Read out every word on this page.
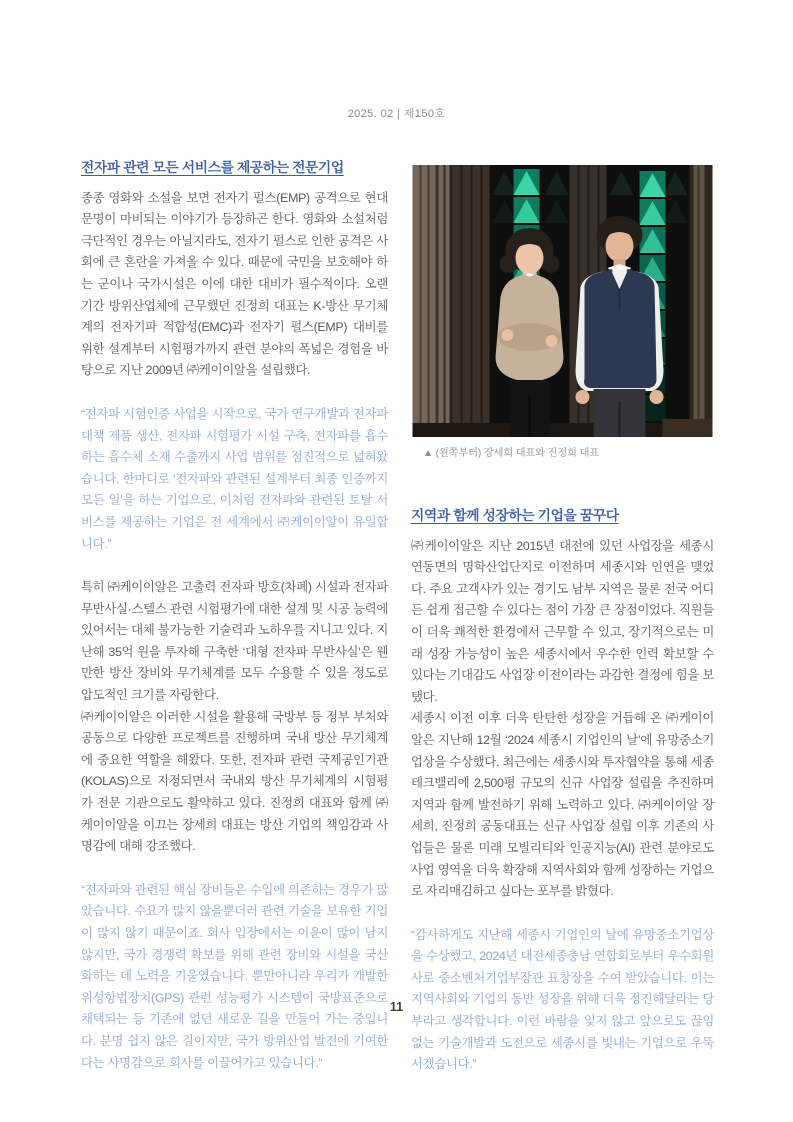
2025. 02 | 제150호
전자파 관련 모든 서비스를 제공하는 전문기업

종종 영화와 소설을 보면 전자기 펄스(EMP) 공격으로 현대 문명이 마비되는 이야기가 등장하곤 한다. 영화와 소설처럼 극단적인 경우는 아닐지라도, 전자기 펄스로 인한 공격은 사회에 큰 혼란을 가져올 수 있다. 때문에 국민을 보호해야 하는 군이나 국가시설은 이에 대한 대비가 필수적이다. 오랜 기간 방위산업체에 근무했던 진정희 대표는 K-방산 무기체계의 전자기파 적합성(EMC)과 전자기 펄스(EMP) 대비를 위한 설계부터 시험평가까지 관련 분야의 폭넓은 경험을 바탕으로 지난 2009년 ㈜케이이알을 설립했다.

“전자파 시험인증 사업을 시작으로, 국가 연구개발과 전자파 대책 제품 생산, 전자파 시험평가 시설 구축, 전자파를 흡수하는 흡수체 소재 수출까지 사업 범위를 점진적으로 넓혀왔습니다. 한마디로 ‘전자파와 관련된 설계부터 최종 인증까지 모든 일’을 하는 기업으로, 이처럼 전자파와 관련된 토탈 서비스를 제공하는 기업은 전 세계에서 ㈜케이이알이 유일합니다.”

특히 ㈜케이이알은 고출력 전자파 방호(차폐) 시설과 전자파 무반사실·스텔스 관련 시험평가에 대한 설계 및 시공 능력에 있어서는 대체 불가능한 기술력과 노하우를 지니고 있다. 지난해 35억 원을 투자해 구축한 ‘대형 전자파 무반사실’은 웬만한 방산 장비와 무기체계를 모두 수용할 수 있을 정도로 압도적인 크기를 자랑한다.

㈜케이이알은 이러한 시설을 활용해 국방부 등 정부 부처와 공동으로 다양한 프로젝트를 진행하며 국내 방산 무기체계에 중요한 역할을 해왔다. 또한, 전자파 관련 국제공인기관(KOLAS)으로 지정되면서 국내외 방산 무기체계의 시험평가 전문 기관으로도 활약하고 있다. 진정희 대표와 함께 ㈜케이이알을 이끄는 장세희 대표는 방산 기업의 책임감과 사명감에 대해 강조했다.

“전자파와 관련된 핵심 장비들은 수입에 의존하는 경우가 많았습니다. 수요가 많지 않을뿐더러 관련 기술을 보유한 기업이 많지 않기 때문이죠. 회사 입장에서는 이윤이 많이 남지 않지만, 국가 경쟁력 확보를 위해 관련 장비와 시설을 국산화하는 데 노력을 기울였습니다. 뿐만아니라 우리가 개발한 위성항법장치(GPS) 관련 성능평가 시스템이 국방표준으로 채택되는 등 기존에 없던 새로운 길을 만들어 가는 중입니다. 분명 쉽지 않은 길이지만, 국가 방위산업 발전에 기여한다는 사명감으로 회사를 이끌어가고 있습니다.”

▲ (왼쪽부터) 장세희 대표와 진정희 대표
지역과 함께 성장하는 기업을 꿈꾸다

㈜케이이알은 지난 2015년 대전에 있던 사업장을 세종시 연동면의 명학산업단지로 이전하며 세종시와 인연을 맺었다. 주요 고객사가 있는 경기도 남부 지역은 물론 전국 어디든 쉽게 접근할 수 있다는 점이 가장 큰 장점이었다. 직원들이 더욱 쾌적한 환경에서 근무할 수 있고, 장기적으로는 미래 성장 가능성이 높은 세종시에서 우수한 인력 확보할 수 있다는 기대감도 사업장 이전이라는 과감한 결정에 힘을 보탰다.

세종시 이전 이후 더욱 탄탄한 성장을 거듭해 온 ㈜케이이알은 지난해 12월 ‘2024 세종시 기업인의 날’에 유망중소기업상을 수상했다. 최근에는 세종시와 투자협약을 통해 세종테크밸리에 2,500평 규모의 신규 사업장 설립을 추진하며 지역과 함께 발전하기 위해 노력하고 있다. ㈜케이이알 장세희, 진정희 공동대표는 신규 사업장 설립 이후 기존의 사업들은 물론 미래 모빌리티와 인공지능(AI) 관련 분야로도 사업 영역을 더욱 확장해 지역사회와 함께 성장하는 기업으로 자리매김하고 싶다는 포부를 밝혔다.

“감사하게도 지난해 세종시 기업인의 날에 유망중소기업상을 수상했고, 2024년 대전세종충남 연합회로부터 우수회원사로 중소벤처기업부장관 표창장을 수여 받았습니다. 이는 지역사회와 기업의 동반 성장을 위해 더욱 정진해달라는 당부라고 생각합니다. 이런 바람을 잊지 않고 앞으로도 끊임없는 기술개발과 도전으로 세종시를 빛내는 기업으로 우뚝 서겠습니다.”

11
